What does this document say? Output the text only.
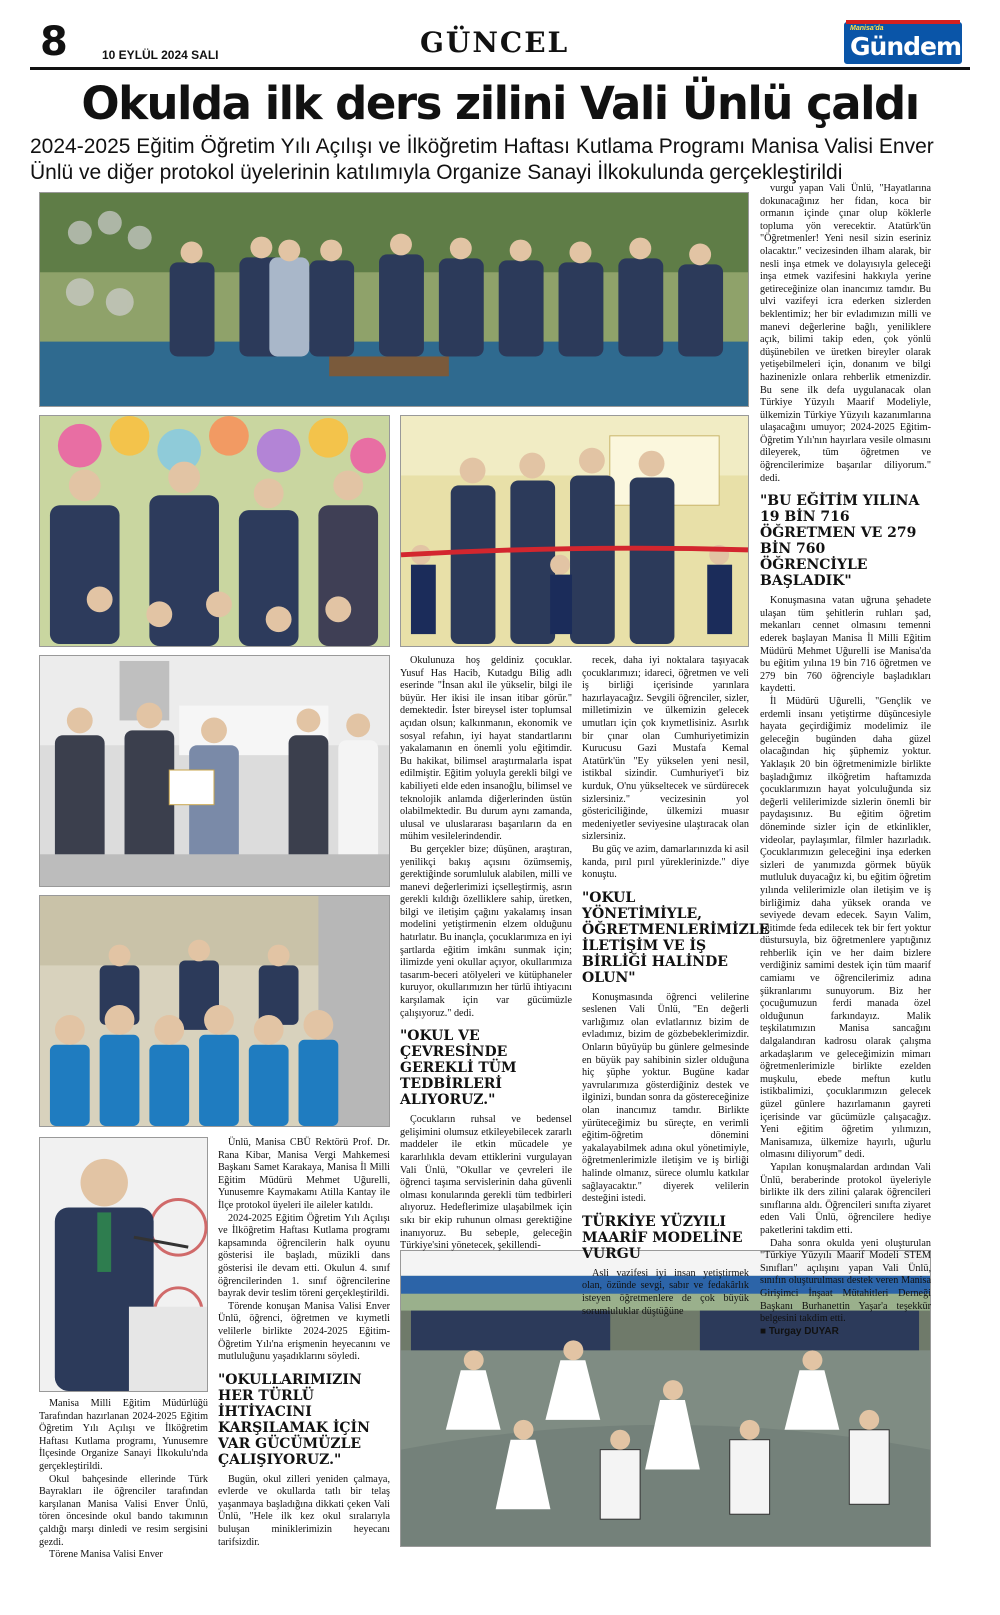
8	10 EYLÜL 2024 SALI	GÜNCEL	Manisa'da
Gündem
Okulda ilk ders zilini Vali Ünlü çaldı
2024-2025 Eğitim Öğretim Yılı Açılışı ve İlköğretim Haftası Kutlama Programı Manisa Valisi Enver Ünlü ve diğer protokol üyelerinin katılımıyla Organize Sanayi İlkokulunda gerçekleştirildi

Manisa Milli Eğitim Müdürlüğü Tarafından hazırlanan 2024-2025 Eğitim Öğretim Yılı Açılışı ve İlköğretim Haftası Kutlama programı, Yunusemre İlçesinde Organize Sanayi İlkokulu'nda gerçekleştirildi.

Okul bahçesinde ellerinde Türk Bayrakları ile öğrenciler tarafından karşılanan Manisa Valisi Enver Ünlü, tören öncesinde okul bando takımının çaldığı marşı dinledi ve resim sergisini gezdi.

Törene Manisa Valisi Enver

Ünlü, Manisa CBÜ Rektörü Prof. Dr. Rana Kibar, Manisa Vergi Mahkemesi Başkanı Samet Karakaya, Manisa İl Milli Eğitim Müdürü Mehmet Uğurelli, Yunusemre Kaymakamı Atilla Kantay ile İlçe protokol üyeleri ile aileler katıldı.

2024-2025 Eğitim Öğretim Yılı Açılışı ve İlköğretim Haftası Kutlama programı kapsamında öğrencilerin halk oyunu gösterisi ile başladı, müzikli dans gösterisi ile devam etti. Okulun 4. sınıf öğrencilerinden 1. sınıf öğrencilerine bayrak devir teslim töreni gerçekleştirildi.

Törende konuşan Manisa Valisi Enver Ünlü, öğrenci, öğretmen ve kıymetli velilerle birlikte 2024-2025 Eğitim-Öğretim Yılı'na erişmenin heyecanını ve mutluluğunu yaşadıklarını söyledi.

"OKULLARIMIZIN HER TÜRLÜ İHTİYACINI KARŞILAMAK İÇİN VAR GÜCÜMÜZLE ÇALIŞIYORUZ."

Bugün, okul zilleri yeniden çalmaya, evlerde ve okullarda tatlı bir telaş yaşanmaya başladığına dikkati çeken Vali Ünlü, "Hele ilk kez okul sıralarıyla buluşan miniklerimizin heyecanı tarifsizdir.

Okulunuza hoş geldiniz çocuklar. Yusuf Has Hacib, Kutadgu Bilig adlı eserinde "İnsan akıl ile yükselir, bilgi ile büyür. Her ikisi ile insan itibar görür." demektedir. İster bireysel ister toplumsal açıdan olsun; kalkınmanın, ekonomik ve sosyal refahın, iyi hayat standartlarını yakalamanın en önemli yolu eğitimdir. Bu hakikat, bilimsel araştırmalarla ispat edilmiştir. Eğitim yoluyla gerekli bilgi ve kabiliyeti elde eden insanoğlu, bilimsel ve teknolojik anlamda diğerlerinden üstün olabilmektedir. Bu durum aynı zamanda, ulusal ve uluslararası başarıların da en mühim vesilelerindendir.

Bu gerçekler bize; düşünen, araştıran, yenilikçi bakış açısını özümsemiş, gerektiğinde sorumluluk alabilen, milli ve manevi değerlerimizi içselleştirmiş, asrın gerekli kıldığı özelliklere sahip, üretken, bilgi ve iletişim çağını yakalamış insan modelini yetiştirmenin elzem olduğunu hatırlatır. Bu inançla, çocuklarımıza en iyi şartlarda eğitim imkânı sunmak için; ilimizde yeni okullar açıyor, okullarımıza tasarım-beceri atölyeleri ve kütüphaneler kuruyor, okullarımızın her türlü ihtiyacını karşılamak için var gücümüzle çalışıyoruz." dedi.

"OKUL VE ÇEVRESİNDE GEREKLİ TÜM TEDBİRLERİ ALIYORUZ."

Çocukların ruhsal ve bedensel gelişimini olumsuz etkileyebilecek zararlı maddeler ile etkin mücadele ye kararlılıkla devam ettiklerini vurgulayan Vali Ünlü, "Okullar ve çevreleri ile öğrenci taşıma servislerinin daha güvenli olması konularında gerekli tüm tedbirleri alıyoruz. Hedeflerimize ulaşabilmek için sıkı bir ekip ruhunun olması gerektiğine inanıyoruz. Bu sebeple, geleceğin Türkiye'sini yönetecek, şekillendi-

recek, daha iyi noktalara taşıyacak çocuklarımızı; idareci, öğretmen ve veli iş birliği içerisinde yarınlara hazırlayacağız. Sevgili öğrenciler, sizler, milletimizin ve ülkemizin gelecek umutları için çok kıymetlisiniz. Asırlık bir çınar olan Cumhuriyetimizin Kurucusu Gazi Mustafa Kemal Atatürk'ün "Ey yükselen yeni nesil, istikbal sizindir. Cumhuriyet'i biz kurduk, O'nu yükseltecek ve sürdürecek sizlersiniz." vecizesinin yol göstericiliğinde, ülkemizi muasır medeniyetler seviyesine ulaştıracak olan sizlersiniz.

Bu güç ve azim, damarlarınızda ki asil kanda, pırıl pırıl yüreklerinizde." diye konuştu.

"OKUL YÖNETİMİYLE, ÖĞRETMENLERİMİZLE İLETİŞİM VE İŞ BİRLİĞİ HALİNDE OLUN"

Konuşmasında öğrenci velilerine seslenen Vali Ünlü, "En değerli varlığımız olan evlatlarınız bizim de evladımız, bizim de gözbebeklerimizdir. Onların büyüyüp bu günlere gelmesinde en büyük pay sahibinin sizler olduğuna hiç şüphe yoktur. Bugüne kadar yavrularımıza gösterdiğiniz destek ve ilginizi, bundan sonra da göstereceğinize olan inancımız tamdır. Birlikte yürüteceğimiz bu süreçte, en verimli eğitim-öğretim dönemini yakalayabilmek adına okul yönetimiyle, öğretmenlerimizle iletişim ve iş birliği halinde olmanız, sürece olumlu katkılar sağlayacaktır." diyerek velilerin desteğini istedi.

TÜRKİYE YÜZYILI MAARİF MODELİNE VURGU

Asli vazifesi iyi insan yetiştirmek olan, özünde sevgi, sabır ve fedakârlık isteyen öğretmenlere de çok büyük sorumluluklar düştüğüne

vurgu yapan Vali Ünlü, "Hayatlarına dokunacağınız her fidan, koca bir ormanın içinde çınar olup köklerle topluma yön verecektir. Atatürk'ün "Öğretmenler! Yeni nesil sizin eseriniz olacaktır." vecizesinden ilham alarak, bir nesli inşa etmek ve dolayısıyla geleceği inşa etmek vazifesini hakkıyla yerine getireceğinize olan inancımız tamdır. Bu ulvi vazifeyi icra ederken sizlerden beklentimiz; her bir evladımızın milli ve manevi değerlerine bağlı, yeniliklere açık, bilimi takip eden, çok yönlü düşünebilen ve üretken bireyler olarak yetişebilmeleri için, donanım ve bilgi hazinenizle onlara rehberlik etmenizdir. Bu sene ilk defa uygulanacak olan Türkiye Yüzyılı Maarif Modeliyle, ülkemizin Türkiye Yüzyılı kazanımlarına ulaşacağını umuyor; 2024-2025 Eğitim-Öğretim Yılı'nın hayırlara vesile olmasını dileyerek, tüm öğretmen ve öğrencilerimize başarılar diliyorum." dedi.

"BU EĞİTİM YILINA 19 BİN 716 ÖĞRETMEN VE 279 BİN 760 ÖĞRENCİYLE BAŞLADIK"

Konuşmasına vatan uğruna şehadete ulaşan tüm şehitlerin ruhları şad, mekanları cennet olmasını temenni ederek başlayan Manisa İl Milli Eğitim Müdürü Mehmet Uğurelli ise Manisa'da bu eğitim yılına 19 bin 716 öğretmen ve 279 bin 760 öğrenciyle başladıkları kaydetti.

İl Müdürü Uğurelli, "Gençlik ve erdemli insanı yetiştirme düşüncesiyle hayata geçirdiğimiz modelimiz ile geleceğin bugünden daha güzel olacağından hiç şüphemiz yoktur. Yaklaşık 20 bin öğretmenimizle birlikte başladığımız ilköğretim haftamızda çocuklarımızın hayat yolculuğunda siz değerli velilerimizde sizlerin önemli bir paydaşısınız. Bu eğitim öğretim döneminde sizler için de etkinlikler, videolar, paylaşımlar, filmler hazırladık. Çocuklarımızın geleceğini inşa ederken sizleri de yanımızda görmek büyük mutluluk duyacağız ki, bu eğitim öğretim yılında velilerimizle olan iletişim ve iş birliğimiz daha yüksek oranda ve seviyede devam edecek. Sayın Valim, eğitimde feda edilecek tek bir fert yoktur düstursuyla, biz öğretmenlere yaptığınız rehberlik için ve her daim bizlere verdiğiniz samimi destek için tüm maarif camiamı ve öğrencilerimiz adına şükranlarımı sunuyorum. Biz her çocuğumuzun ferdi manada özel olduğunun farkındayız. Malik teşkilatımızın Manisa sancağını dalgalandıran kadrosu olarak çalışma arkadaşlarım ve geleceğimizin mimarı öğretmenlerimizle birlikte ezelden muşkulu, ebede meftun kutlu istikbalimizi, çocuklarımızın gelecek güzel günlere hazırlamanın gayreti içerisinde var gücümüzle çalışacağız. Yeni eğitim öğretim yılımızın, Manisamıza, ülkemize hayırlı, uğurlu olmasını diliyorum" dedi.

Yapılan konuşmalardan ardından Vali Ünlü, beraberinde protokol üyeleriyle birlikte ilk ders zilini çalarak öğrencileri sınıflarına aldı. Öğrencileri sınıfta ziyaret eden Vali Ünlü, öğrencilere hediye paketlerini takdim etti.

Daha sonra okulda yeni oluşturulan "Türkiye Yüzyılı Maarif Modeli STEM Sınıfları" açılışını yapan Vali Ünlü, sınıfın oluşturulması destek veren Manisa Girişimci İnşaat Mütahitleri Derneği Başkanı Burhanettin Yaşar'a teşekkür belgesini takdim etti.

■ Turgay DUYAR
